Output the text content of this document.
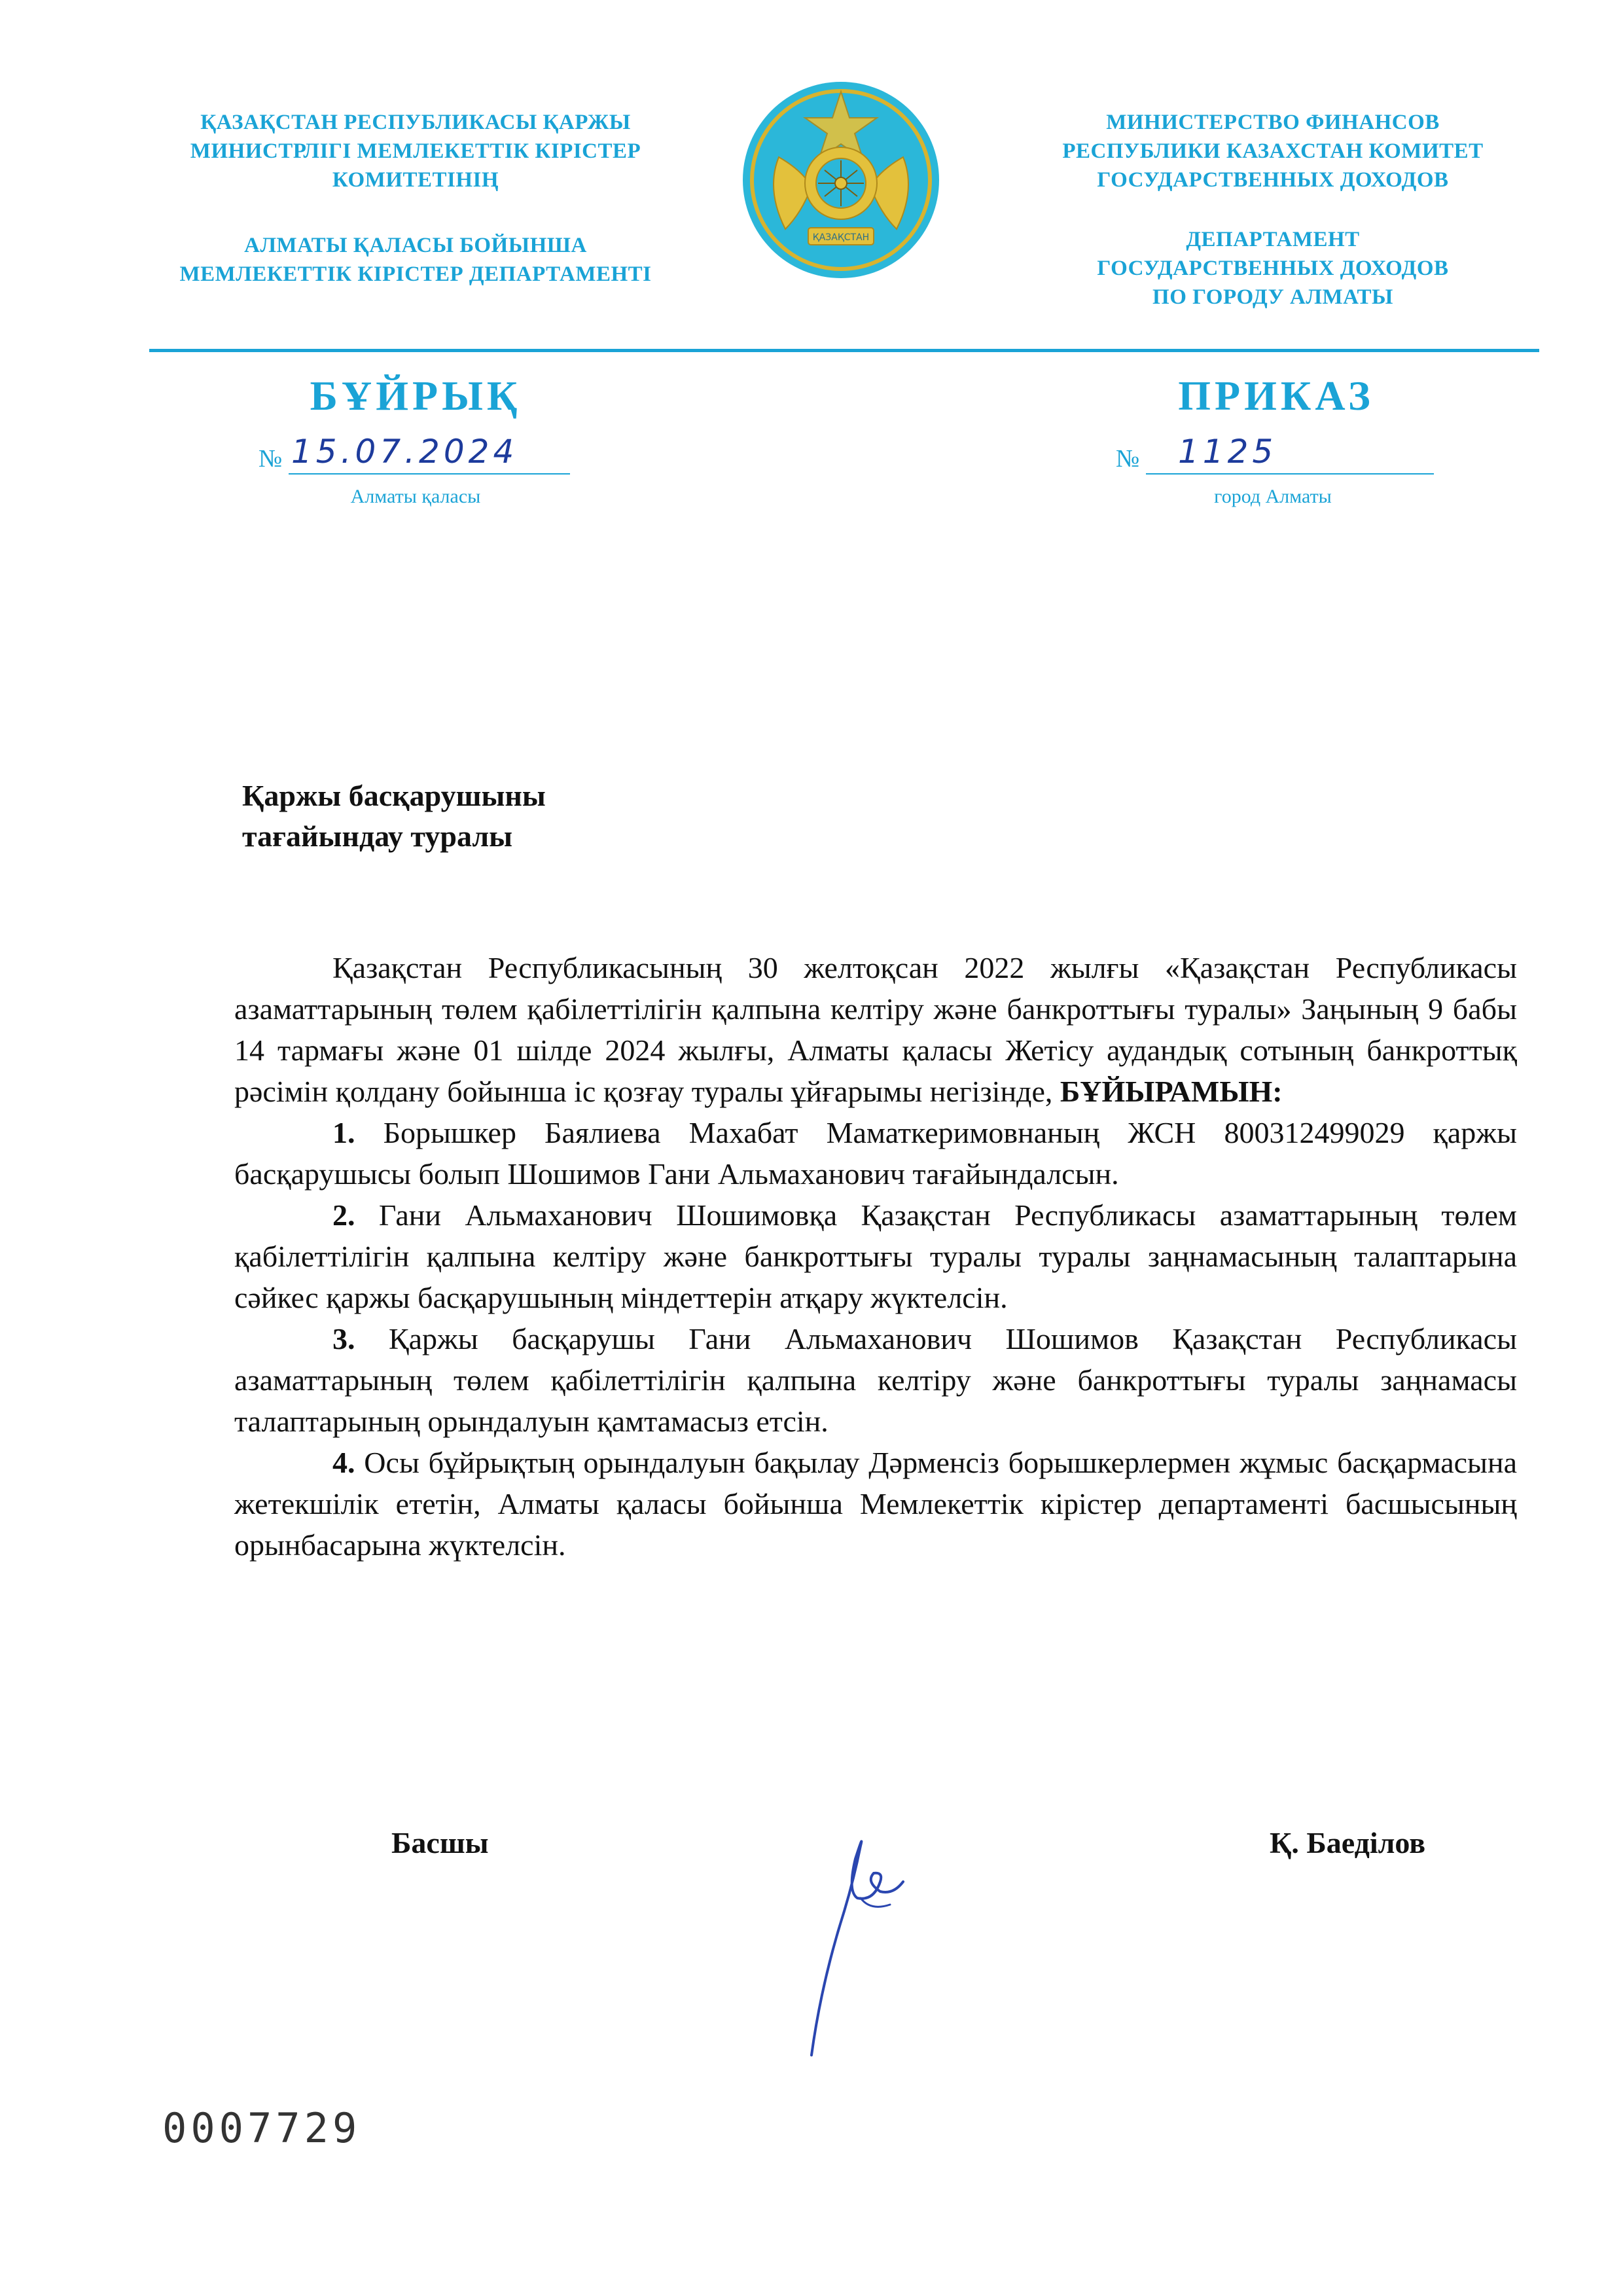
ҚАЗАҚСТАН РЕСПУБЛИКАСЫ ҚАРЖЫ
МИНИСТРЛІГІ МЕМЛЕКЕТТІК КІРІСТЕР
КОМИТЕТІНІҢ
АЛМАТЫ ҚАЛАСЫ БОЙЫНША
МЕМЛЕКЕТТІК КІРІСТЕР ДЕПАРТАМЕНТІ
ҚАЗАҚСТАН
МИНИСТЕРСТВО ФИНАНСОВ
РЕСПУБЛИКИ КАЗАХСТАН КОМИТЕТ
ГОСУДАРСТВЕННЫХ ДОХОДОВ
ДЕПАРТАМЕНТ
ГОСУДАРСТВЕННЫХ ДОХОДОВ
ПО ГОРОДУ АЛМАТЫ
БҰЙРЫҚ	ПРИКАЗ
№ 15.07.2024	№ 1125
Алматы қаласы	город Алматы
Қаржы басқарушыны
тағайындау туралы

Қазақстан Республикасының 30 желтоқсан 2022 жылғы «Қазақстан Республикасы азаматтарының төлем қабілеттілігін қалпына келтіру және банкроттығы туралы» Заңының 9 бабы 14 тармағы және 01 шілде 2024 жылғы, Алматы қаласы Жетісу аудандық сотының банкроттық рәсімін қолдану бойынша іс қозғау туралы ұйғарымы негізінде, БҰЙЫРАМЫН:

1. Борышкер Баялиева Махабат Маматкеримовнаның ЖСН 800312499029 қаржы басқарушысы болып Шошимов Гани Альмаханович тағайындалсын.

2. Гани Альмаханович Шошимовқа Қазақстан Республикасы азаматтарының төлем қабілеттілігін қалпына келтіру және банкроттығы туралы туралы заңнамасының талаптарына сәйкес қаржы басқарушының міндеттерін атқару жүктелсін.

3. Қаржы басқарушы Гани Альмаханович Шошимов Қазақстан Республикасы азаматтарының төлем қабілеттілігін қалпына келтіру және банкроттығы туралы заңнамасы талаптарының орындалуын қамтамасыз етсін.

4. Осы бұйрықтың орындалуын бақылау Дәрменсіз борышкерлермен жұмыс басқармасына жетекшілік ететін, Алматы қаласы бойынша Мемлекеттік кірістер департаменті басшысының орынбасарына жүктелсін.

Басшы	Қ. Баеділов
0007729
